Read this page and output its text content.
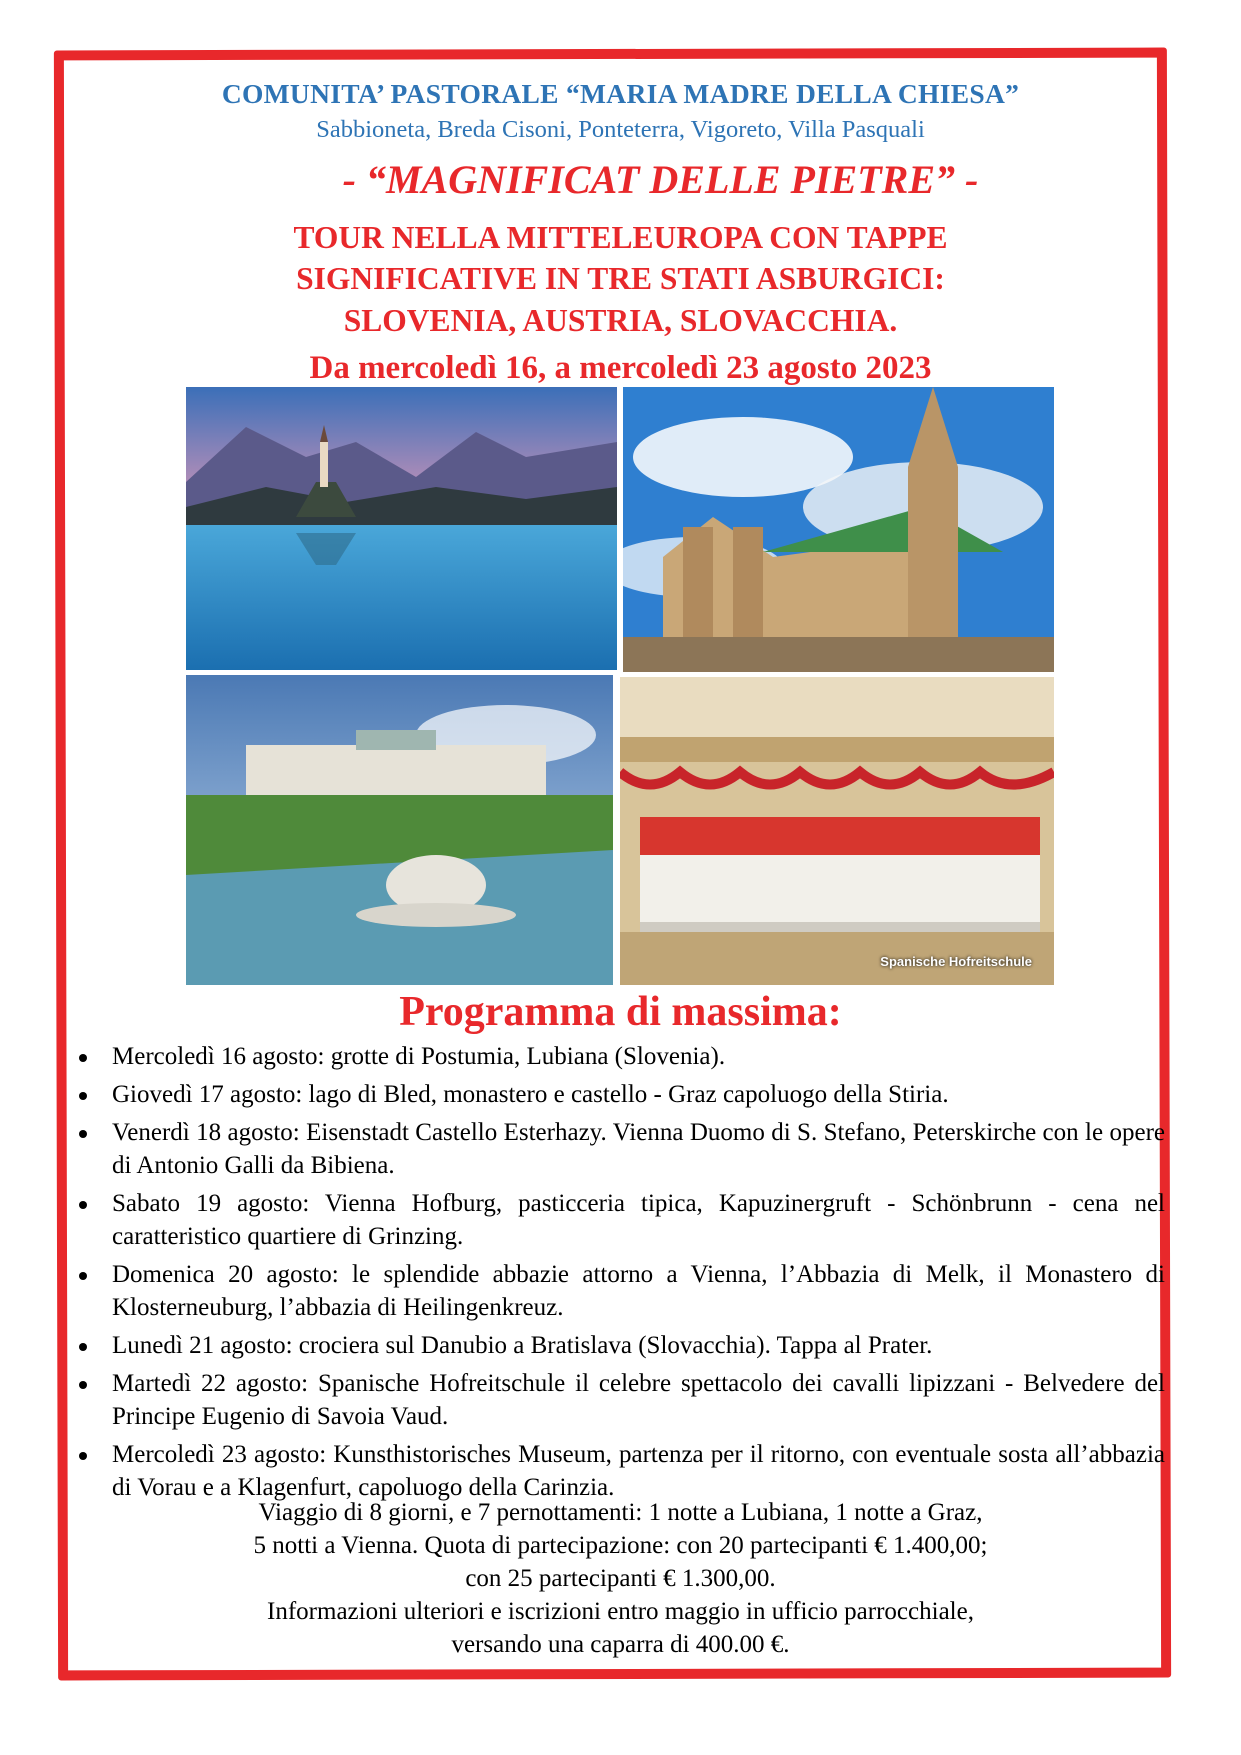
COMUNITA’ PASTORALE “MARIA MADRE DELLA CHIESA”
Sabbioneta, Breda Cisoni, Ponteterra, Vigoreto, Villa Pasquali
- “MAGNIFICAT DELLE PIETRE” -
TOUR NELLA MITTELEUROPA CON TAPPE
SIGNIFICATIVE IN TRE STATI ASBURGICI:
SLOVENIA, AUSTRIA, SLOVACCHIA.
Da mercoledì 16, a mercoledì 23 agosto 2023
Spanische Hofreitschule
Programma di massima:
Mercoledì 16 agosto: grotte di Postumia, Lubiana (Slovenia).
Giovedì 17 agosto: lago di Bled, monastero e castello - Graz capoluogo della Stiria.
Venerdì 18 agosto: Eisenstadt Castello Esterhazy. Vienna Duomo di S. Stefano, Peterskirche con le opere di Antonio Galli da Bibiena.
Sabato 19 agosto: Vienna Hofburg, pasticceria tipica, Kapuzinergruft - Schönbrunn - cena nel caratteristico quartiere di Grinzing.
Domenica 20 agosto: le splendide abbazie attorno a Vienna, l’Abbazia di Melk, il Monastero di Klosterneuburg, l’abbazia di Heilingenkreuz.
Lunedì 21 agosto: crociera sul Danubio a Bratislava (Slovacchia). Tappa al Prater.
Martedì 22 agosto: Spanische Hofreitschule il celebre spettacolo dei cavalli lipizzani - Belvedere del Principe Eugenio di Savoia Vaud.
Mercoledì 23 agosto: Kunsthistorisches Museum, partenza per il ritorno, con eventuale sosta all’abbazia di Vorau e a Klagenfurt, capoluogo della Carinzia.
Viaggio di 8 giorni, e 7 pernottamenti: 1 notte a Lubiana, 1 notte a Graz,
5 notti a Vienna. Quota di partecipazione: con 20 partecipanti € 1.400,00;
con 25 partecipanti € 1.300,00.
Informazioni ulteriori e iscrizioni entro maggio in ufficio parrocchiale,
versando una caparra di 400.00 €.
